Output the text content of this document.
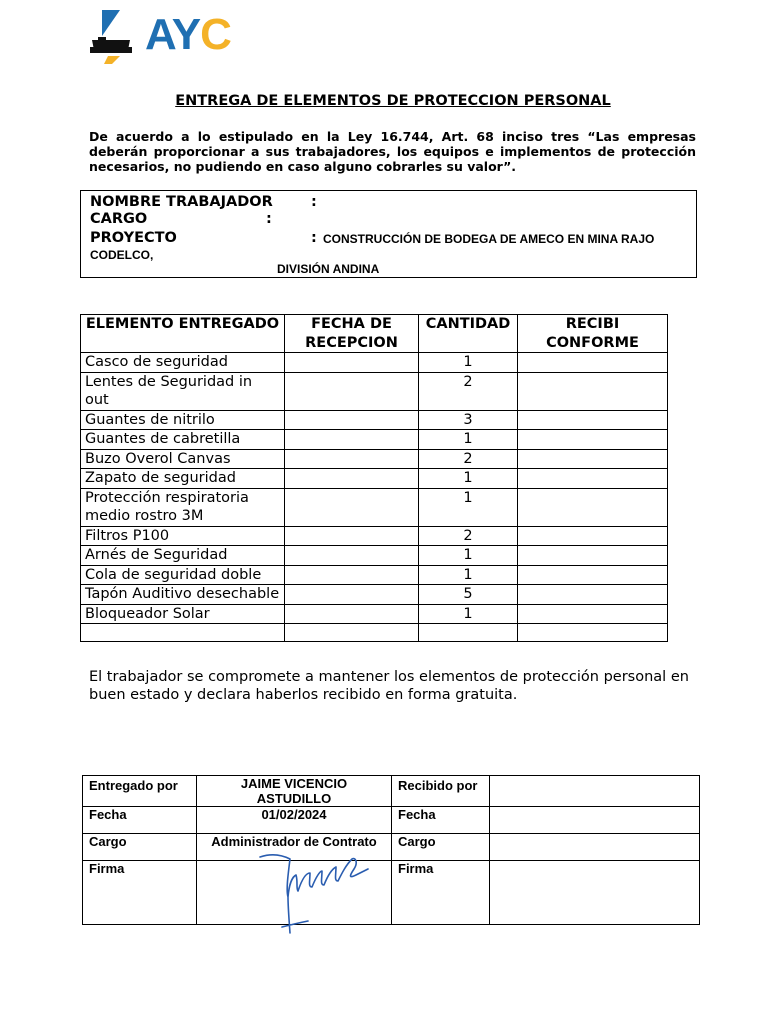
AYC
ENTREGA DE ELEMENTOS DE PROTECCION PERSONAL
De acuerdo a lo estipulado en la Ley 16.744, Art. 68 inciso tres “Las empresas deberán proporcionar a sus trabajadores, los equipos e implementos de protección necesarios, no pudiendo en caso alguno cobrarles su valor”.
NOMBRE TRABAJADOR	:
CARGO	:
PROYECTO	: CONSTRUCCIÓN DE BODEGA DE AMECO EN MINA RAJO
CODELCO,
DIVISIÓN ANDINA
ELEMENTO ENTREGADO	FECHA DE RECEPCION	CANTIDAD	RECIBI CONFORME
Casco de seguridad		1	
Lentes de Seguridad in out		2	
Guantes de nitrilo		3	
Guantes de cabretilla		1	
Buzo Overol Canvas		2	
Zapato de seguridad		1	
Protección respiratoria medio rostro 3M		1	
Filtros P100		2	
Arnés de Seguridad		1	
Cola de seguridad doble		1	
Tapón Auditivo desechable		5	
Bloqueador Solar		1	

El trabajador se compromete a mantener los elementos de protección personal en buen estado y declara haberlos recibido en forma gratuita.
Entregado por	JAIME VICENCIO ASTUDILLO	Recibido por	
Fecha	01/02/2024	Fecha	
Cargo	Administrador de Contrato	Cargo	
Firma		Firma	
